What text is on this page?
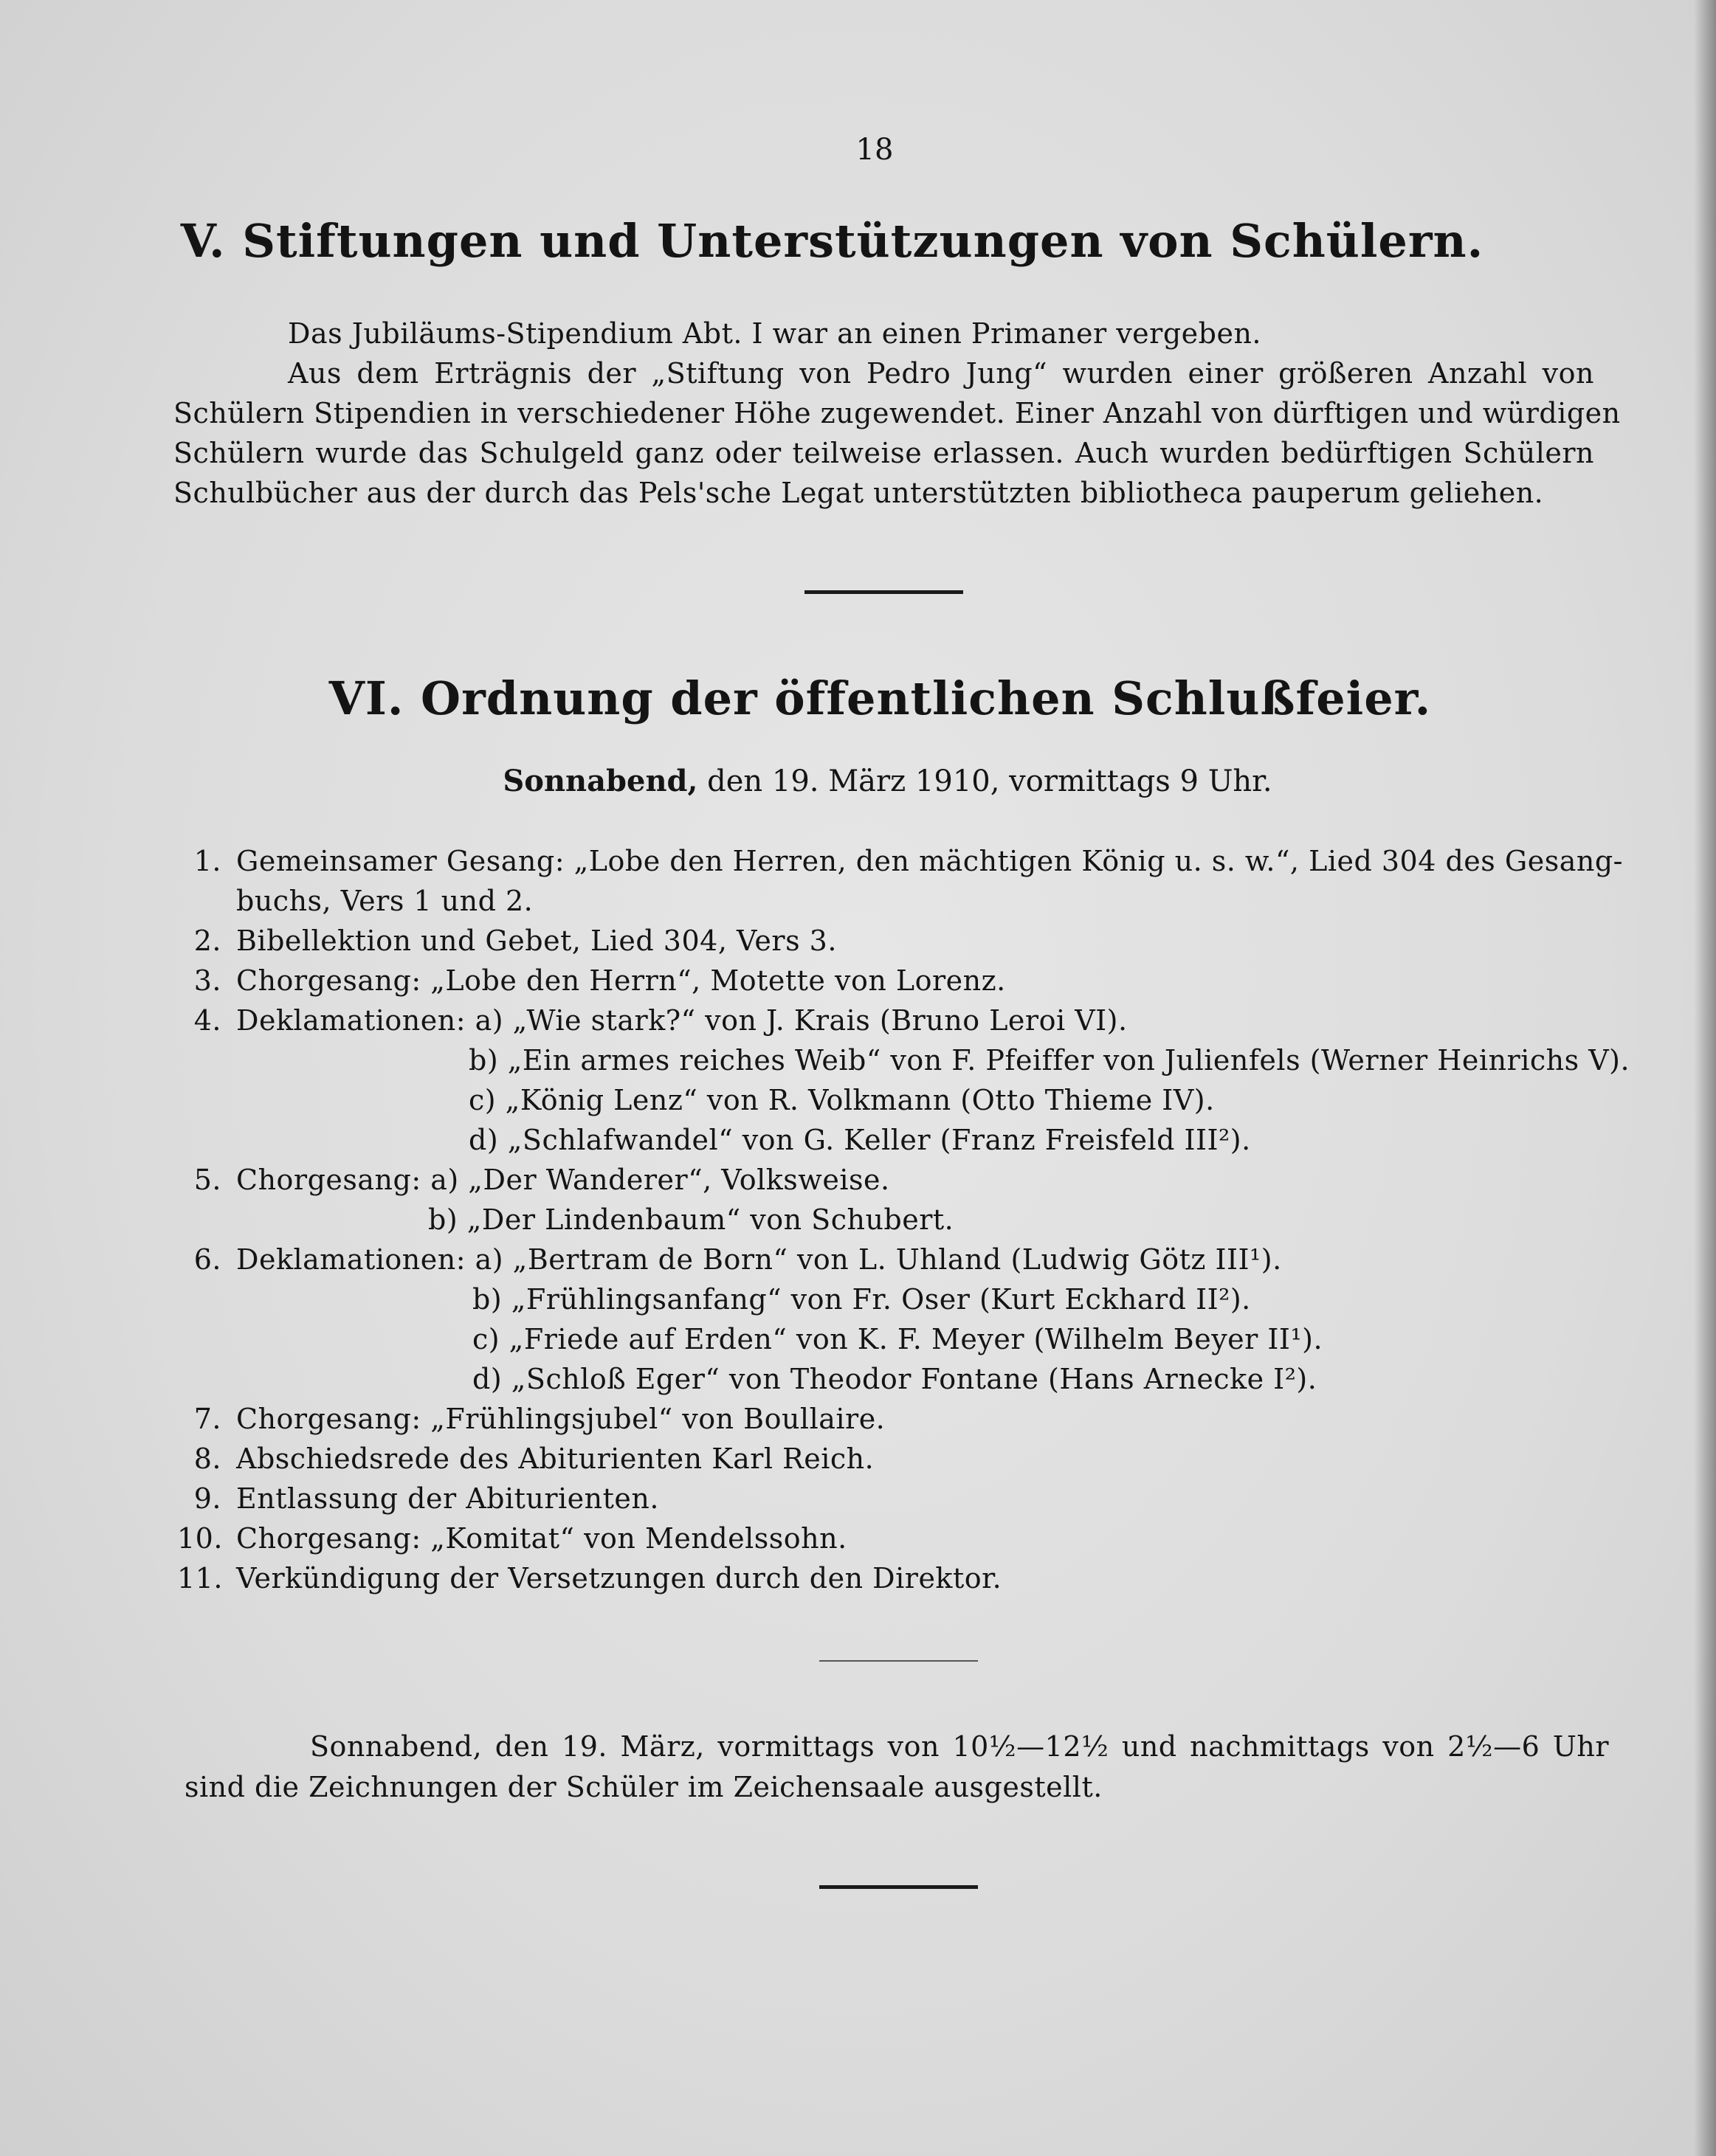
18
V. Stiftungen und Unterstützungen von Schülern.
Das Jubiläums-Stipendium Abt. I war an einen Primaner vergeben.
Aus dem Erträgnis der „Stiftung von Pedro Jung“ wurden einer größeren Anzahl von
Schülern Stipendien in verschiedener Höhe zugewendet. Einer Anzahl von dürftigen und würdigen
Schülern wurde das Schulgeld ganz oder teilweise erlassen. Auch wurden bedürftigen Schülern
Schulbücher aus der durch das Pels'sche Legat unterstützten bibliotheca pauperum geliehen.
VI. Ordnung der öffentlichen Schlußfeier.
Sonnabend, den 19. März 1910, vormittags 9 Uhr.
1. Gemeinsamer Gesang: „Lobe den Herren, den mächtigen König u. s. w.“, Lied 304 des Gesang-
buchs, Vers 1 und 2.
2. Bibellektion und Gebet, Lied 304, Vers 3.
3. Chorgesang: „Lobe den Herrn“, Motette von Lorenz.
4. Deklamationen: a) „Wie stark?“ von J. Krais (Bruno Leroi VI).
b) „Ein armes reiches Weib“ von F. Pfeiffer von Julienfels (Werner Heinrichs V).
c) „König Lenz“ von R. Volkmann (Otto Thieme IV).
d) „Schlafwandel“ von G. Keller (Franz Freisfeld III²).
5. Chorgesang: a) „Der Wanderer“, Volksweise.
b) „Der Lindenbaum“ von Schubert.
6. Deklamationen: a) „Bertram de Born“ von L. Uhland (Ludwig Götz III¹).
b) „Frühlingsanfang“ von Fr. Oser (Kurt Eckhard II²).
c) „Friede auf Erden“ von K. F. Meyer (Wilhelm Beyer II¹).
d) „Schloß Eger“ von Theodor Fontane (Hans Arnecke I²).
7. Chorgesang: „Frühlingsjubel“ von Boullaire.
8. Abschiedsrede des Abiturienten Karl Reich.
9. Entlassung der Abiturienten.
10. Chorgesang: „Komitat“ von Mendelssohn.
11. Verkündigung der Versetzungen durch den Direktor.
Sonnabend, den 19. März, vormittags von 10½—12½ und nachmittags von 2½—6 Uhr
sind die Zeichnungen der Schüler im Zeichensaale ausgestellt.
